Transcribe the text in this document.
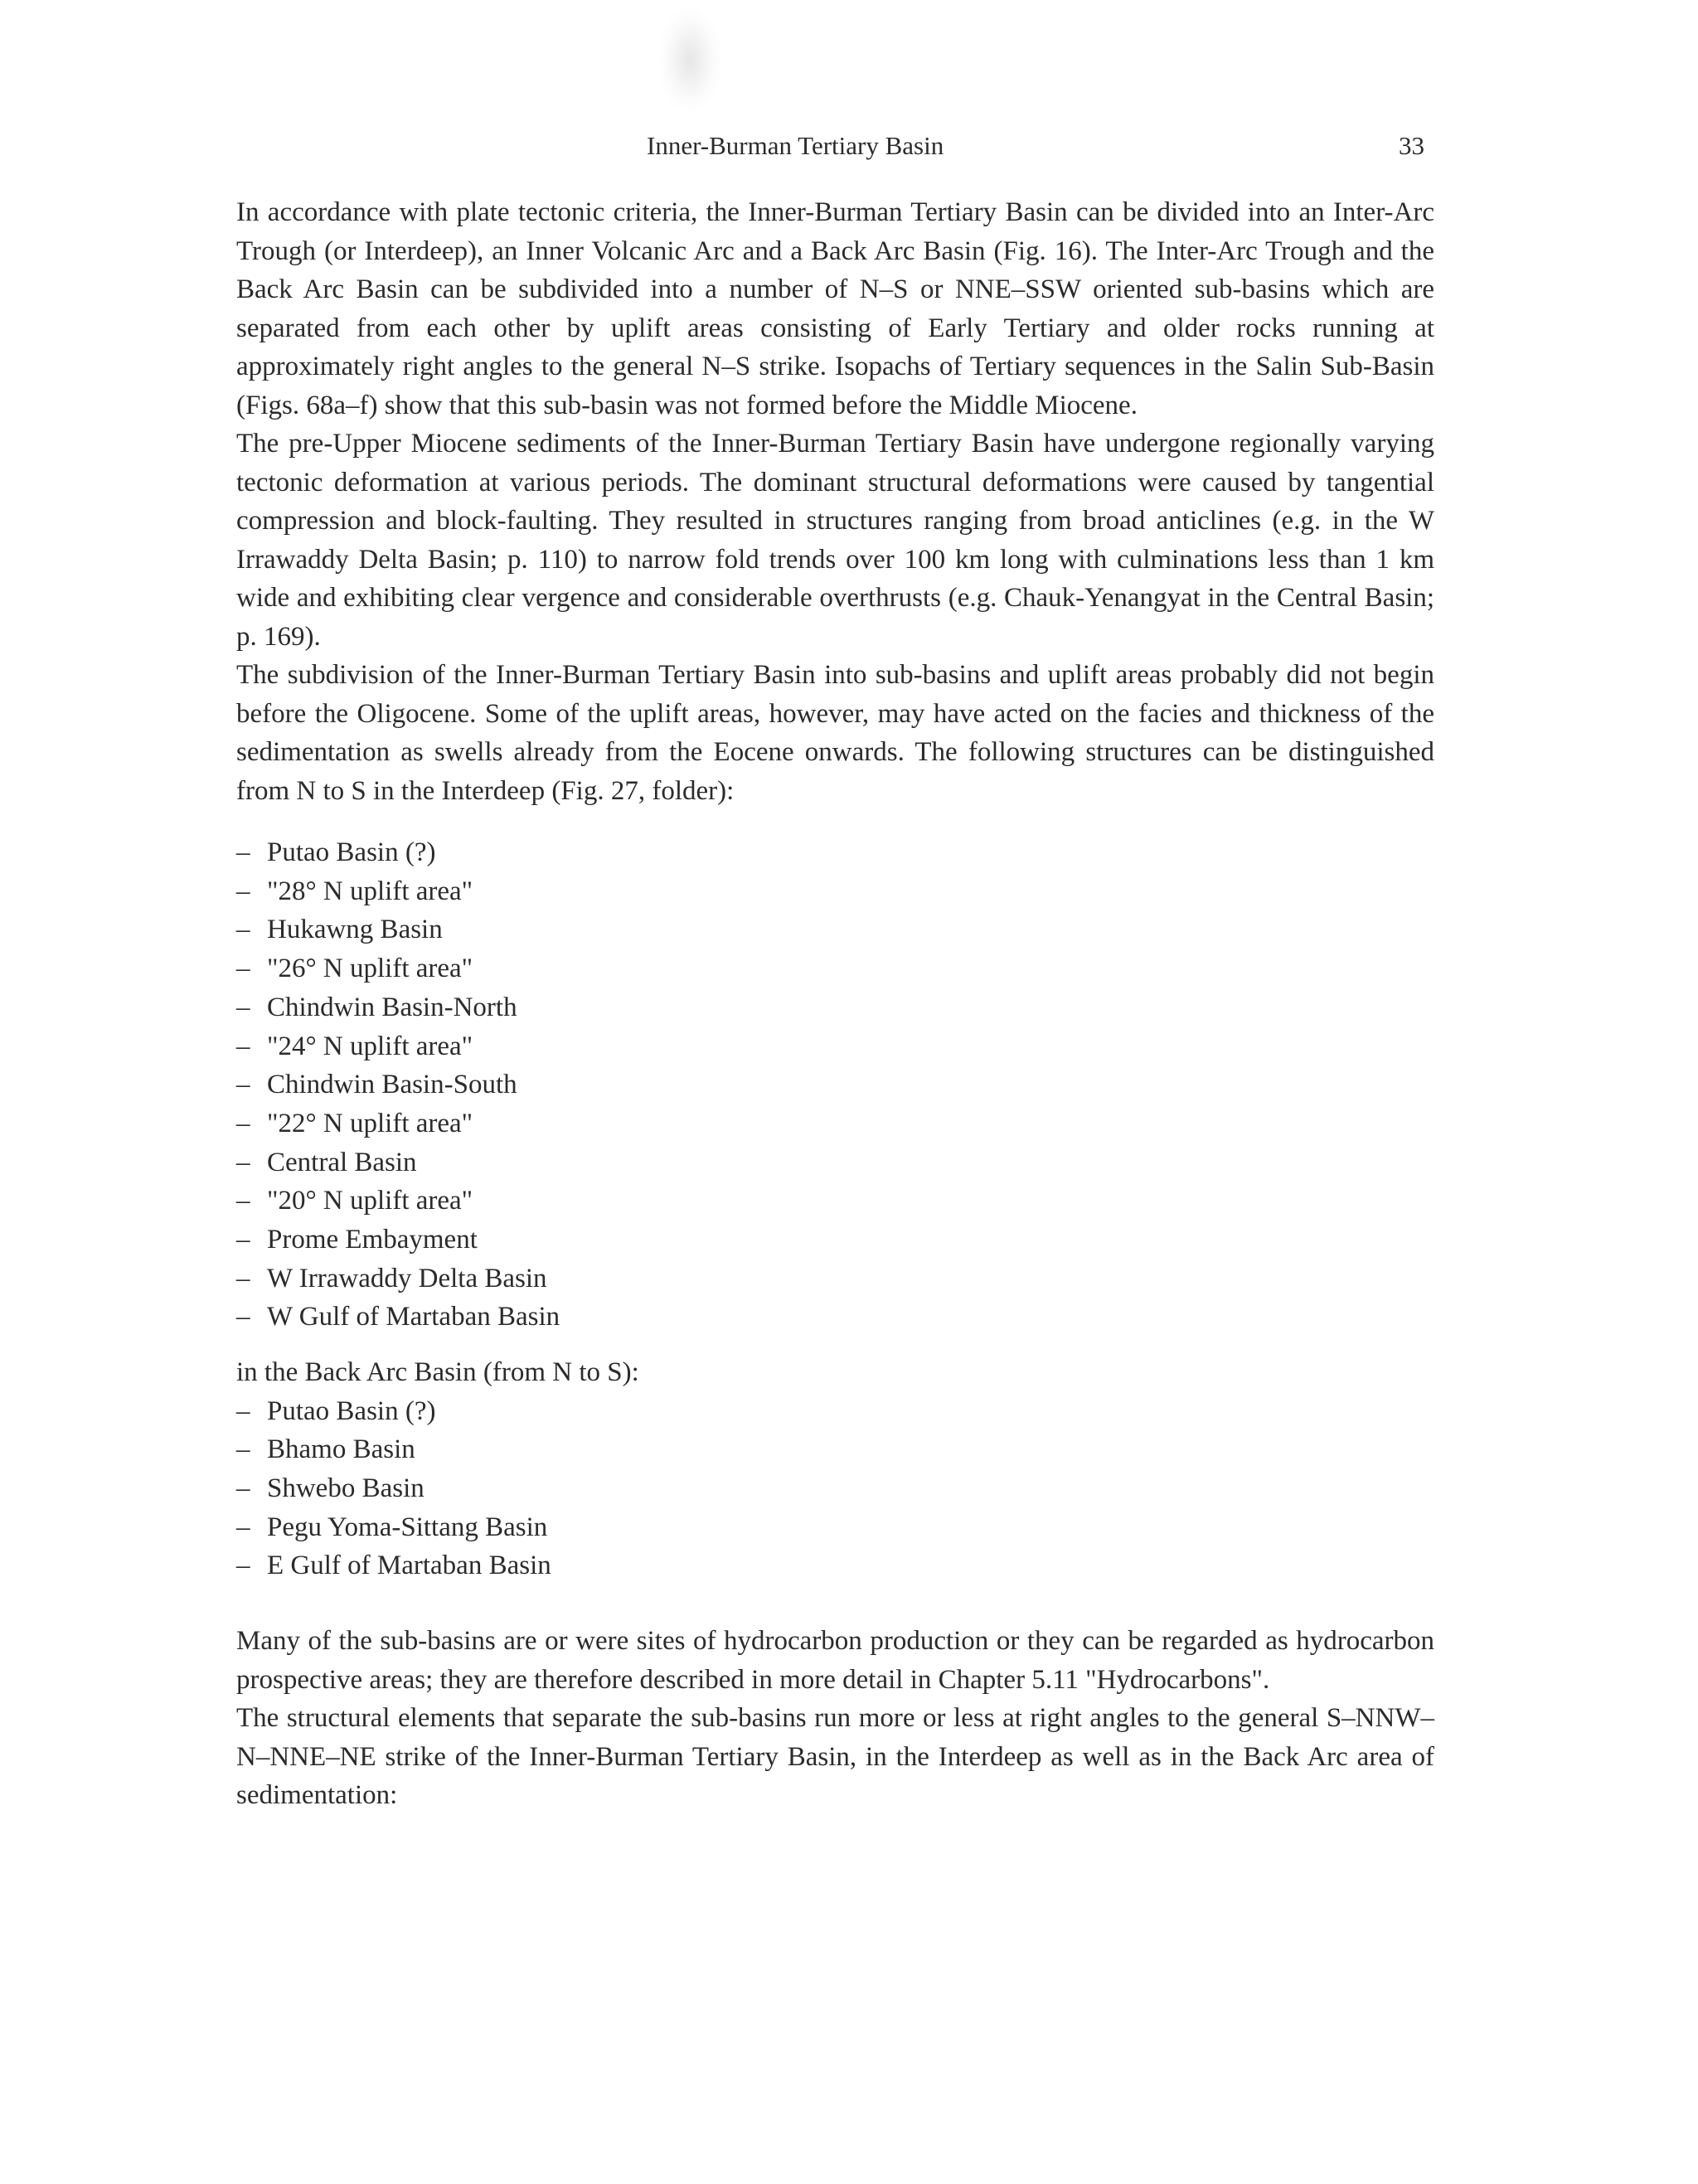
Inner-Burman Tertiary Basin	33

In accordance with plate tectonic criteria, the Inner-Burman Tertiary Basin can be divided into an Inter-Arc Trough (or Interdeep), an Inner Volcanic Arc and a Back Arc Basin (Fig. 16). The Inter-Arc Trough and the Back Arc Basin can be subdivided into a number of N–S or NNE–SSW oriented sub-basins which are separated from each other by uplift areas consisting of Early Tertiary and older rocks running at approximately right angles to the general N–S strike. Isopachs of Tertiary sequences in the Salin Sub-Basin (Figs. 68a–f) show that this sub-basin was not formed before the Middle Miocene.

The pre-Upper Miocene sediments of the Inner-Burman Tertiary Basin have undergone regionally varying tectonic deformation at various periods. The dominant structural deformations were caused by tangential compression and block-faulting. They resulted in structures ranging from broad anticlines (e.g. in the W Irrawaddy Delta Basin; p. 110) to narrow fold trends over 100 km long with culminations less than 1 km wide and exhibiting clear vergence and considerable overthrusts (e.g. Chauk-Yenangyat in the Central Basin; p. 169).

The subdivision of the Inner-Burman Tertiary Basin into sub-basins and uplift areas probably did not begin before the Oligocene. Some of the uplift areas, however, may have acted on the facies and thickness of the sedimentation as swells already from the Eocene onwards. The following structures can be distinguished from N to S in the Interdeep (Fig. 27, folder):

– Putao Basin (?)
– "28° N uplift area"
– Hukawng Basin
– "26° N uplift area"
– Chindwin Basin-North
– "24° N uplift area"
– Chindwin Basin-South
– "22° N uplift area"
– Central Basin
– "20° N uplift area"
– Prome Embayment
– W Irrawaddy Delta Basin
– W Gulf of Martaban Basin

in the Back Arc Basin (from N to S):

– Putao Basin (?)
– Bhamo Basin
– Shwebo Basin
– Pegu Yoma-Sittang Basin
– E Gulf of Martaban Basin

Many of the sub-basins are or were sites of hydrocarbon production or they can be regarded as hydrocarbon prospective areas; they are therefore described in more detail in Chapter 5.11 "Hydrocarbons".

The structural elements that separate the sub-basins run more or less at right angles to the general S–NNW–N–NNE–NE strike of the Inner-Burman Tertiary Basin, in the Interdeep as well as in the Back Arc area of sedimentation:
